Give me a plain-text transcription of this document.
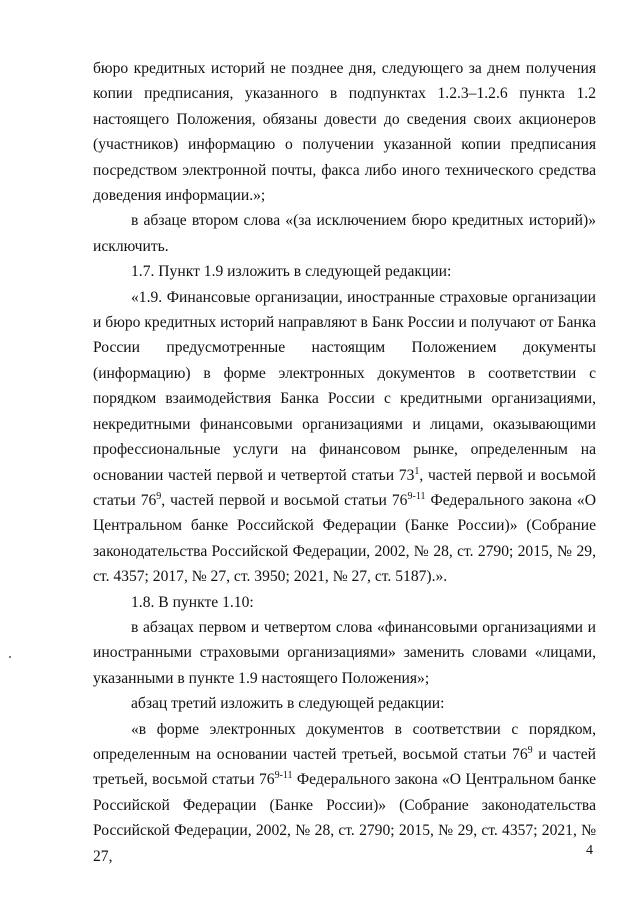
бюро кредитных историй не позднее дня, следующего за днем получения копии предписания, указанного в подпунктах 1.2.3–1.2.6 пункта 1.2 настоящего Положения, обязаны довести до сведения своих акционеров (участников) информацию о получении указанной копии предписания посредством электронной почты, факса либо иного технического средства доведения информации.»;

в абзаце втором слова «(за исключением бюро кредитных историй)» исключить.

1.7. Пункт 1.9 изложить в следующей редакции:

«1.9. Финансовые организации, иностранные страховые организации и бюро кредитных историй направляют в Банк России и получают от Банка России предусмотренные настоящим Положением документы (информацию) в форме электронных документов в соответствии с порядком взаимодействия Банка России с кредитными организациями, некредитными финансовыми организациями и лицами, оказывающими профессиональные услуги на финансовом рынке, определенным на основании частей первой и четвертой статьи $73^1$, частей первой и восьмой статьи $76^9$, частей первой и восьмой статьи 76$^{9-11}$ Федерального закона «О Центральном банке Российской Федерации (Банке России)» (Собрание законодательства Российской Федерации, 2002, № 28, ст. 2790; 2015, № 29, ст. 4357; 2017, № 27, ст. 3950; 2021, № 27, ст. 5187).».

1.8. В пункте 1.10:

в абзацах первом и четвертом слова «финансовыми организациями и иностранными страховыми организациями» заменить словами «лицами, указанными в пункте 1.9 настоящего Положения»;

абзац третий изложить в следующей редакции:

«в форме электронных документов в соответствии с порядком, определенным на основании частей третьей, восьмой статьи $76^9$ и частей третьей, восьмой статьи 76$^{9-11}$ Федерального закона «О Центральном банке Российской Федерации (Банке России)» (Собрание законодательства Российской Федерации, 2002, № 28, ст. 2790; 2015, № 29, ст. 4357; 2021, № 27,	4
